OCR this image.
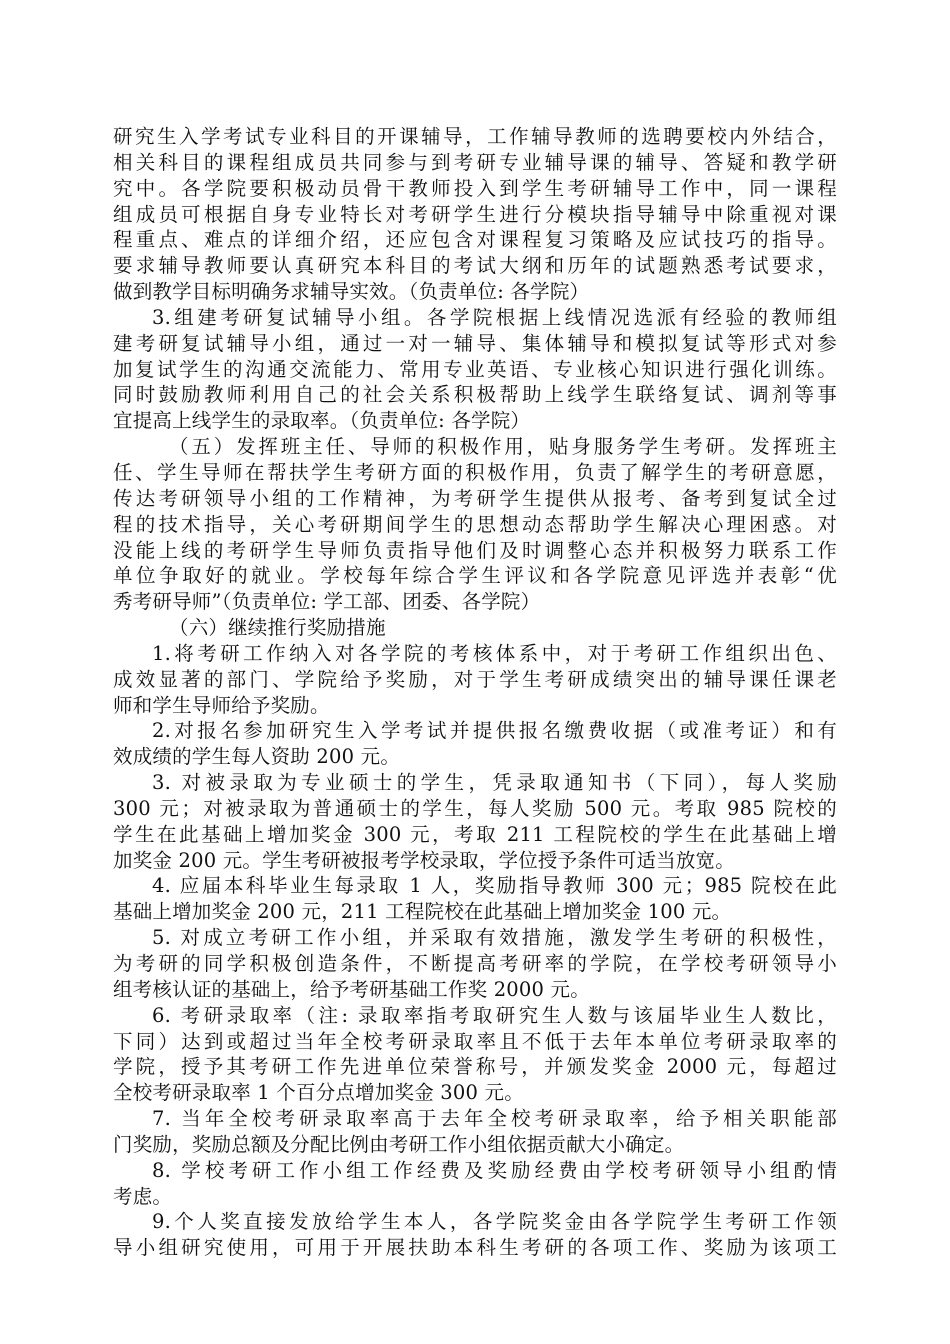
研究生入学考试专业科目的开课辅导，工作辅导教师的选聘要校内外结合，
相关科目的课程组成员共同参与到考研专业辅导课的辅导、答疑和教学研
究中。各学院要积极动员骨干教师投入到学生考研辅导工作中，同一课程
组成员可根据自身专业特长对考研学生进行分模块指导辅导中除重视对课
程重点、难点的详细介绍，还应包含对课程复习策略及应试技巧的指导。
要求辅导教师要认真研究本科目的考试大纲和历年的试题熟悉考试要求，
做到教学目标明确务求辅导实效。（负责单位: 各学院）
3.组建考研复试辅导小组。各学院根据上线情况选派有经验的教师组
建考研复试辅导小组，通过一对一辅导、集体辅导和模拟复试等形式对参
加复试学生的沟通交流能力、常用专业英语、专业核心知识进行强化训练。
同时鼓励教师利用自己的社会关系积极帮助上线学生联络复试、调剂等事
宜提高上线学生的录取率。（负责单位: 各学院）
（五）发挥班主任、导师的积极作用，贴身服务学生考研。发挥班主
任、学生导师在帮扶学生考研方面的积极作用，负责了解学生的考研意愿，
传达考研领导小组的工作精神，为考研学生提供从报考、备考到复试全过
程的技术指导，关心考研期间学生的思想动态帮助学生解决心理困惑。对
没能上线的考研学生导师负责指导他们及时调整心态并积极努力联系工作
单位争取好的就业。学校每年综合学生评议和各学院意见评选并表彰“优
秀考研导师”（负责单位: 学工部、团委、各学院）
（六）继续推行奖励措施
1.将考研工作纳入对各学院的考核体系中，对于考研工作组织出色、
成效显著的部门、学院给予奖励，对于学生考研成绩突出的辅导课任课老
师和学生导师给予奖励。
2.对报名参加研究生入学考试并提供报名缴费收据（或准考证）和有
效成绩的学生每人资助 200 元。
3. 对被录取为专业硕士的学生，凭录取通知书（下同），每人奖励
300 元；对被录取为普通硕士的学生，每人奖励 500 元。考取 985 院校的
学生在此基础上增加奖金 300 元，考取 211 工程院校的学生在此基础上增
加奖金 200 元。学生考研被报考学校录取，学位授予条件可适当放宽。
4. 应届本科毕业生每录取 1 人，奖励指导教师 300 元；985 院校在此
基础上增加奖金 200 元，211 工程院校在此基础上增加奖金 100 元。
5. 对成立考研工作小组，并采取有效措施，激发学生考研的积极性，
为考研的同学积极创造条件，不断提高考研率的学院，在学校考研领导小
组考核认证的基础上，给予考研基础工作奖 2000 元。
6. 考研录取率（注: 录取率指考取研究生人数与该届毕业生人数比，
下同）达到或超过当年全校考研录取率且不低于去年本单位考研录取率的
学院，授予其考研工作先进单位荣誉称号，并颁发奖金 2000 元，每超过
全校考研录取率 1 个百分点增加奖金 300 元。
7. 当年全校考研录取率高于去年全校考研录取率，给予相关职能部
门奖励，奖励总额及分配比例由考研工作小组依据贡献大小确定。
8. 学校考研工作小组工作经费及奖励经费由学校考研领导小组酌情
考虑。
9.个人奖直接发放给学生本人，各学院奖金由各学院学生考研工作领
导小组研究使用，可用于开展扶助本科生考研的各项工作、奖励为该项工
